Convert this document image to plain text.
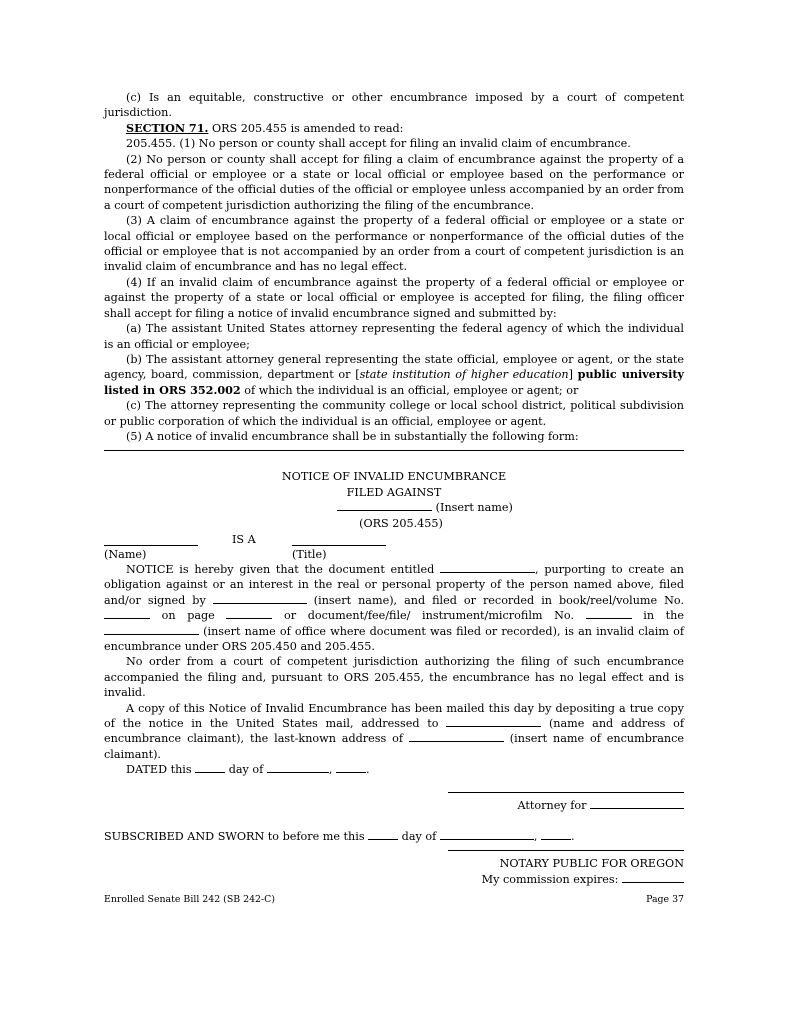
(c) Is an equitable, constructive or other encumbrance imposed by a court of competent jurisdiction.

SECTION 71. ORS 205.455 is amended to read:

205.455. (1) No person or county shall accept for filing an invalid claim of encumbrance.

(2) No person or county shall accept for filing a claim of encumbrance against the property of a federal official or employee or a state or local official or employee based on the performance or nonperformance of the official duties of the official or employee unless accompanied by an order from a court of competent jurisdiction authorizing the filing of the encumbrance.

(3) A claim of encumbrance against the property of a federal official or employee or a state or local official or employee based on the performance or nonperformance of the official duties of the official or employee that is not accompanied by an order from a court of competent jurisdiction is an invalid claim of encumbrance and has no legal effect.

(4) If an invalid claim of encumbrance against the property of a federal official or employee or against the property of a state or local official or employee is accepted for filing, the filing officer shall accept for filing a notice of invalid encumbrance signed and submitted by:

(a) The assistant United States attorney representing the federal agency of which the individual is an official or employee;

(b) The assistant attorney general representing the state official, employee or agent, or the state agency, board, commission, department or [state institution of higher education] public university listed in ORS 352.002 of which the individual is an official, employee or agent; or

(c) The attorney representing the community college or local school district, political subdivision or public corporation of which the individual is an official, employee or agent.

(5) A notice of invalid encumbrance shall be in substantially the following form:

NOTICE OF INVALID ENCUMBRANCE

FILED AGAINST

(Insert name)

(ORS 205.455)

IS A
(Name)	(Title)

NOTICE is hereby given that the document entitled	, purporting to create an obligation against or an interest in the real or personal property of the person named above, filed and/or signed by	(insert name), and filed or recorded in book/reel/volume No.  on page	or document/fee/file/ instrument/microfilm No.	in the  (insert name of office where document was filed or recorded), is an invalid claim of encumbrance under ORS 205.450 and 205.455.

No order from a court of competent jurisdiction authorizing the filing of such encumbrance accompanied the filing and, pursuant to ORS 205.455, the encumbrance has no legal effect and is invalid.

A copy of this Notice of Invalid Encumbrance has been mailed this day by depositing a true copy of the notice in the United States mail, addressed to	(name and address of encumbrance claimant), the last-known address of	(insert name of encumbrance claimant).

DATED this	day of	,	.

Attorney for

SUBSCRIBED AND SWORN to before me this	day of	,	.

NOTARY PUBLIC FOR OREGON

My commission expires:

Enrolled Senate Bill 242 (SB 242-C)	Page 37
